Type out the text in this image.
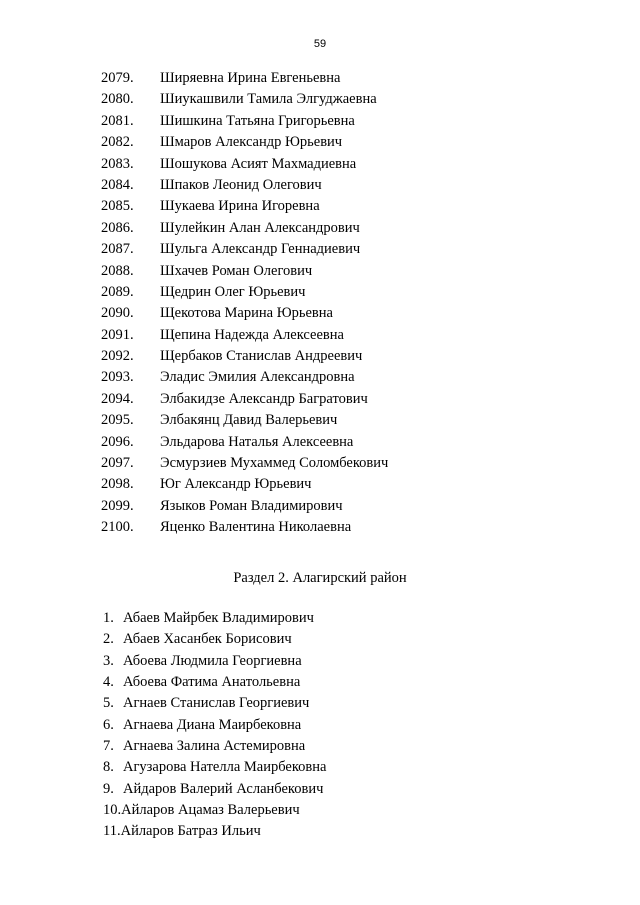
59
2079.	Ширяевна Ирина Евгеньевна
2080.	Шиукашвили Тамила Элгуджаевна
2081.	Шишкина Татьяна Григорьевна
2082.	Шмаров Александр Юрьевич
2083.	Шошукова Асият Махмадиевна
2084.	Шпаков Леонид Олегович
2085.	Шукаева Ирина Игоревна
2086.	Шулейкин Алан Александрович
2087.	Шульга Александр Геннадиевич
2088.	Шхачев Роман Олегович
2089.	Щедрин Олег Юрьевич
2090.	Щекотова Марина Юрьевна
2091.	Щепина Надежда Алексеевна
2092.	Щербаков Станислав Андреевич
2093.	Эладис Эмилия Александровна
2094.	Элбакидзе Александр Багратович
2095.	Элбакянц Давид Валерьевич
2096.	Эльдарова Наталья Алексеевна
2097.	Эсмурзиев Мухаммед Соломбекович
2098.	Юг Александр Юрьевич
2099.	Языков Роман Владимирович
2100.	Яценко Валентина Николаевна
Раздел 2. Алагирский район
1. Абаев Майрбек Владимирович
2. Абаев Хасанбек Борисович
3. Абоева Людмила Георгиевна
4. Абоева Фатима Анатольевна
5. Агнаев Станислав Георгиевич
6. Агнаева Диана Маирбековна
7. Агнаева Залина Астемировна
8. Агузарова Нателла Маирбековна
9. Айдаров Валерий Асланбекович
10. Айларов Ацамаз Валерьевич
11. Айларов Батраз Ильич
